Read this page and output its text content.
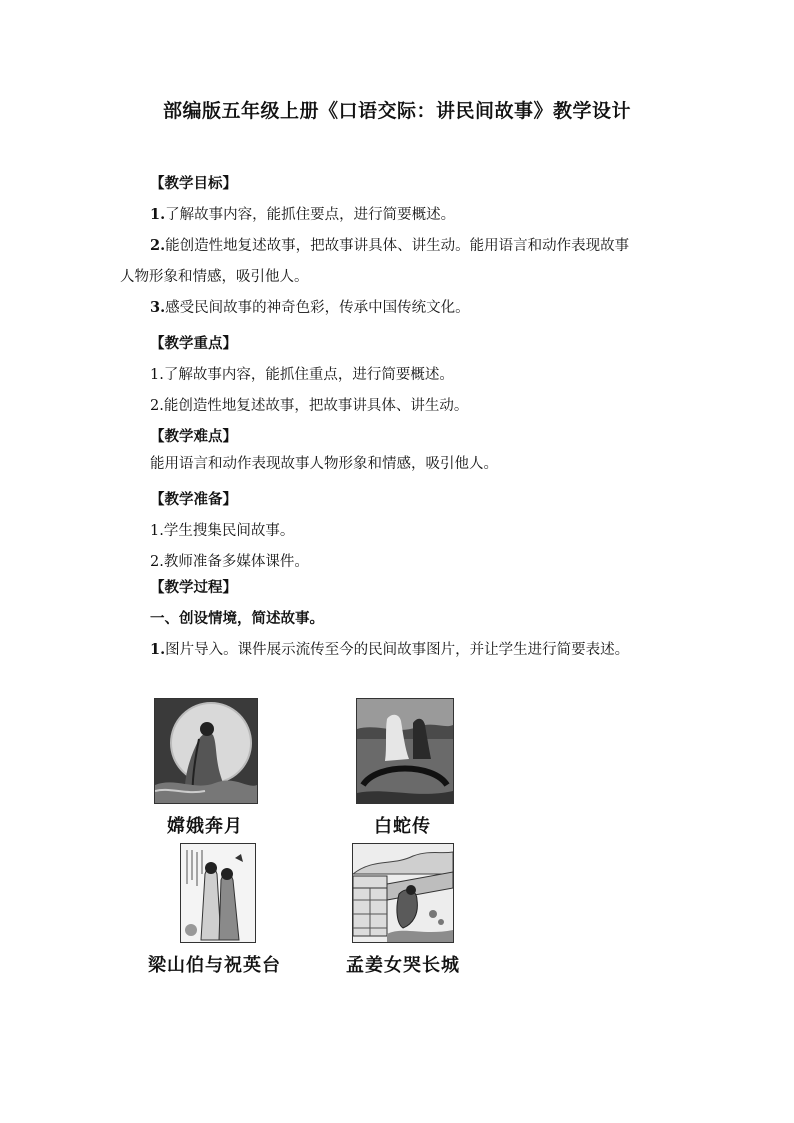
部编版五年级上册《口语交际：讲民间故事》教学设计
【教学目标】
1.了解故事内容，能抓住要点，进行简要概述。
2.能创造性地复述故事，把故事讲具体、讲生动。能用语言和动作表现故事
人物形象和情感，吸引他人。
3.感受民间故事的神奇色彩，传承中国传统文化。
【教学重点】
1.了解故事内容，能抓住重点，进行简要概述。
2.能创造性地复述故事，把故事讲具体、讲生动。
【教学难点】
能用语言和动作表现故事人物形象和情感，吸引他人。
【教学准备】
1.学生搜集民间故事。
2.教师准备多媒体课件。
【教学过程】
一、创设情境，简述故事。
1.图片导入。课件展示流传至今的民间故事图片，并让学生进行简要表述。
嫦娥奔月	白蛇传
梁山伯与祝英台	孟姜女哭长城
